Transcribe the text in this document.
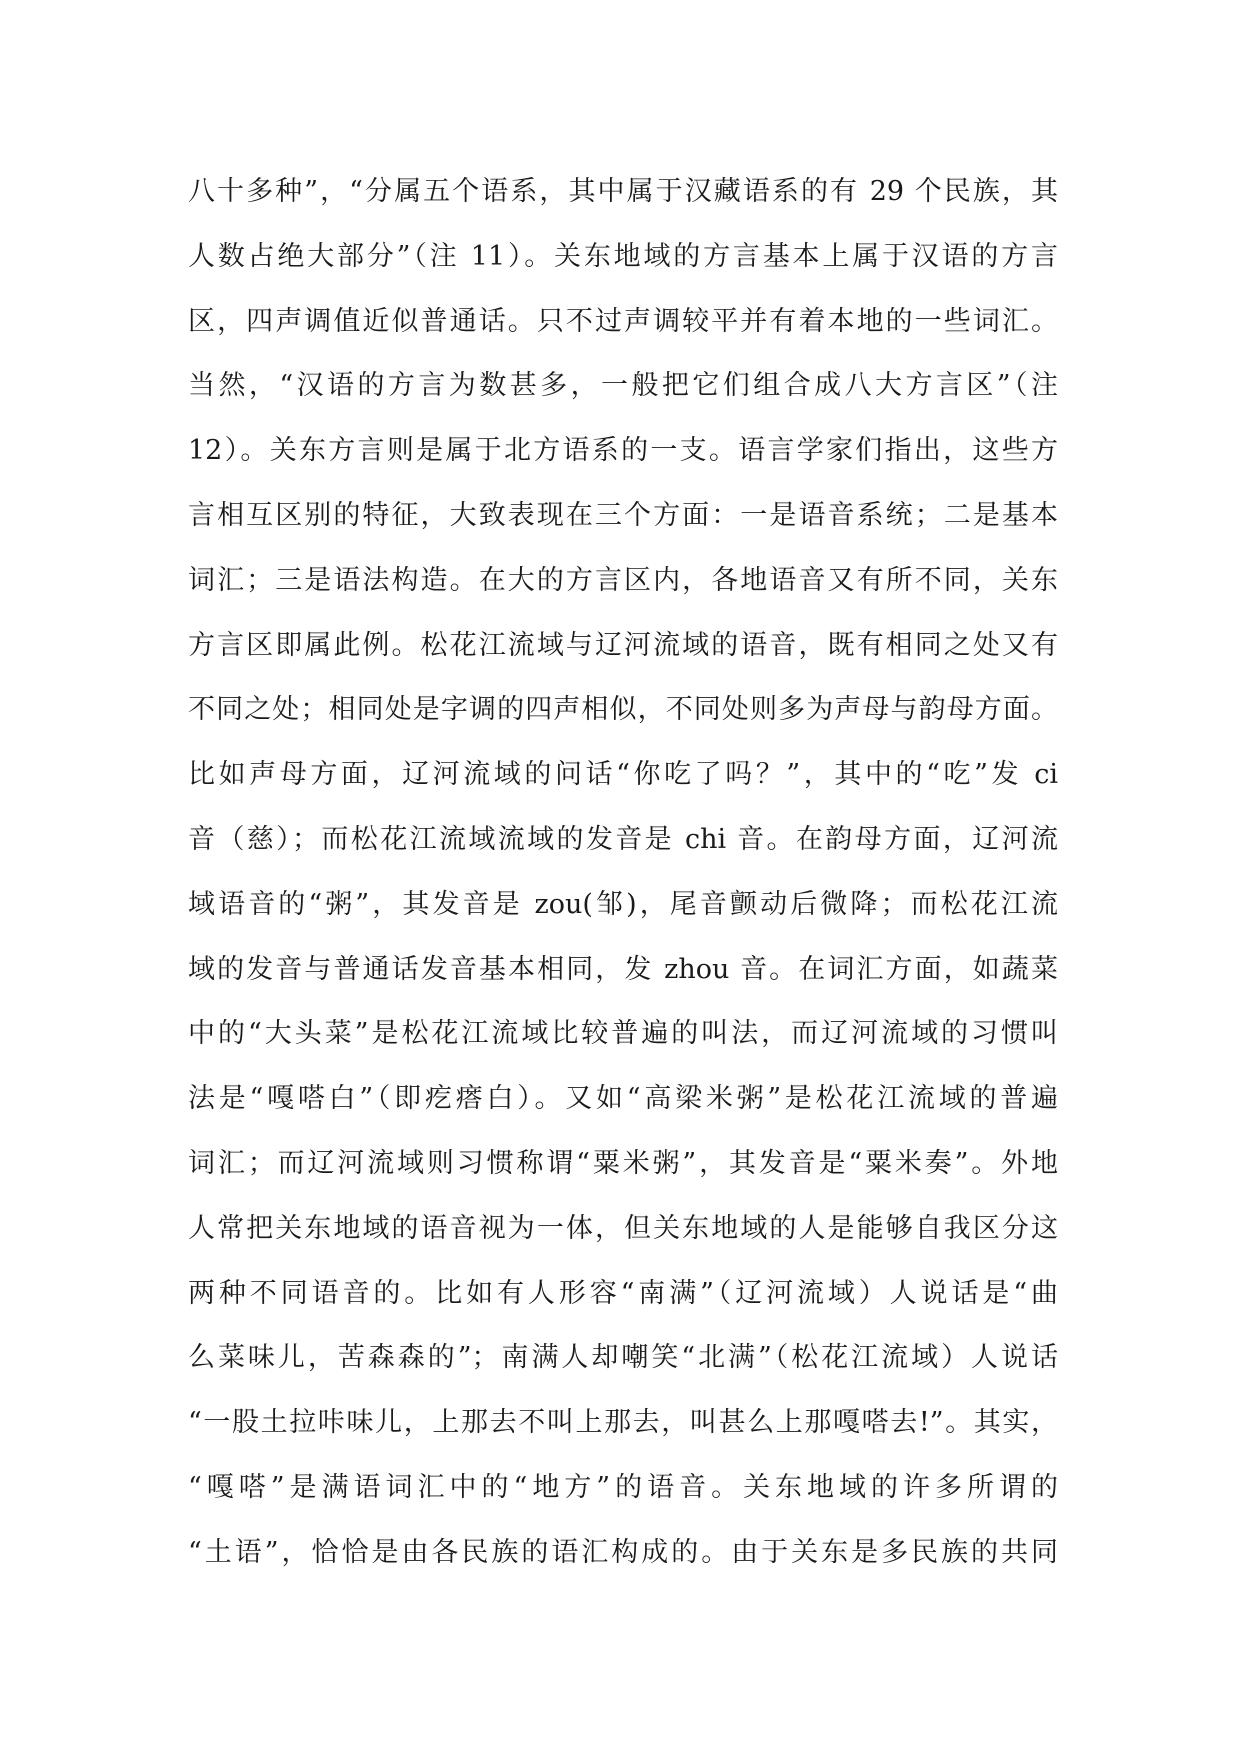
八十多种”，“分属五个语系，其中属于汉藏语系的有 29 个民族，其
人数占绝大部分”（注 11）。关东地域的方言基本上属于汉语的方言
区，四声调值近似普通话。只不过声调较平并有着本地的一些词汇。
当然，“汉语的方言为数甚多，一般把它们组合成八大方言区”（注
12）。关东方言则是属于北方语系的一支。语言学家们指出，这些方
言相互区别的特征，大致表现在三个方面：一是语音系统；二是基本
词汇；三是语法构造。在大的方言区内，各地语音又有所不同，关东
方言区即属此例。松花江流域与辽河流域的语音，既有相同之处又有
不同之处；相同处是字调的四声相似，不同处则多为声母与韵母方面。
比如声母方面，辽河流域的问话“你吃了吗？”，其中的“吃”发 ci
音（慈）；而松花江流域流域的发音是 chi 音。在韵母方面，辽河流
域语音的“粥”，其发音是 zou(邹)，尾音颤动后微降；而松花江流
域的发音与普通话发音基本相同，发 zhou 音。在词汇方面，如蔬菜
中的“大头菜”是松花江流域比较普遍的叫法，而辽河流域的习惯叫
法是“嘎嗒白”（即疙瘩白）。又如“高梁米粥”是松花江流域的普遍
词汇；而辽河流域则习惯称谓“粟米粥”，其发音是“粟米奏”。外地
人常把关东地域的语音视为一体，但关东地域的人是能够自我区分这
两种不同语音的。比如有人形容“南满”（辽河流域）人说话是“曲
么菜味儿，苦森森的”；南满人却嘲笑“北满”（松花江流域）人说话
“一股土拉咔味儿，上那去不叫上那去，叫甚么上那嘎嗒去!”。其实，
“嘎嗒”是满语词汇中的“地方”的语音。关东地域的许多所谓的
“土语”，恰恰是由各民族的语汇构成的。由于关东是多民族的共同
